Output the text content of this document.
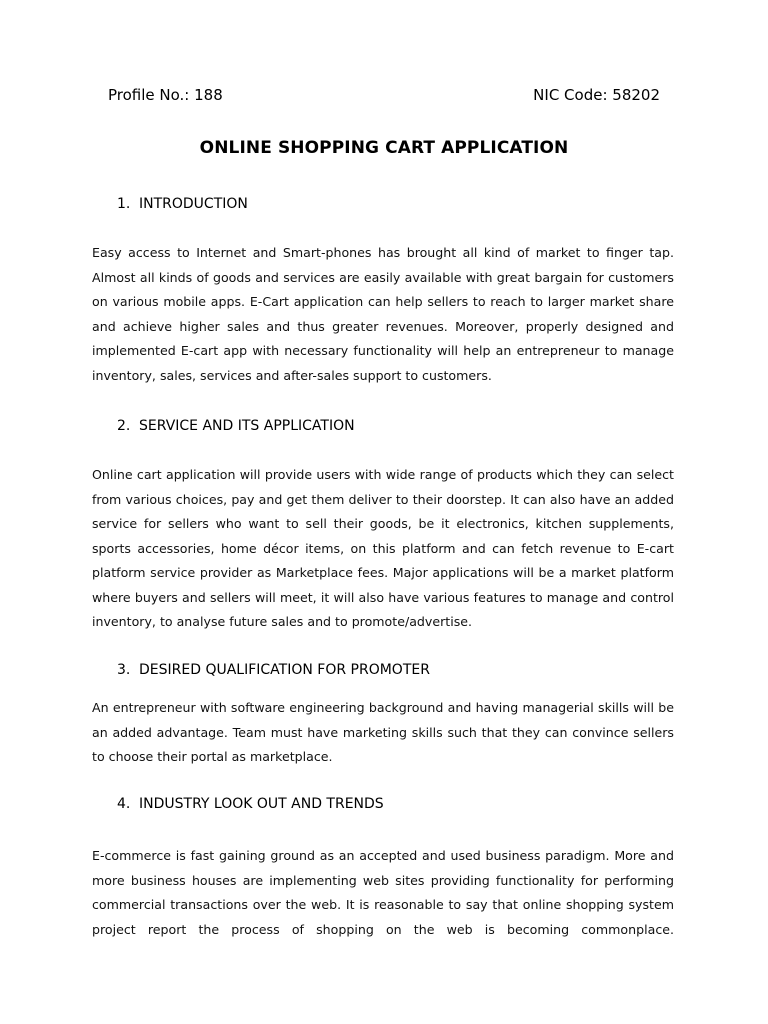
Profile No.: 188	NIC Code: 58202
ONLINE SHOPPING CART APPLICATION
1. INTRODUCTION
Easy access to Internet and Smart-phones has brought all kind of market to finger tap. Almost all kinds of goods and services are easily available with great bargain for customers on various mobile apps. E-Cart application can help sellers to reach to larger market share and achieve higher sales and thus greater revenues. Moreover, properly designed and implemented E-cart app with necessary functionality will help an entrepreneur to manage inventory, sales, services and after-sales support to customers.
2. SERVICE AND ITS APPLICATION
Online cart application will provide users with wide range of products which they can select from various choices, pay and get them deliver to their doorstep. It can also have an added service for sellers who want to sell their goods, be it electronics, kitchen supplements, sports accessories, home décor items, on this platform and can fetch revenue to E-cart platform service provider as Marketplace fees. Major applications will be a market platform where buyers and sellers will meet, it will also have various features to manage and control inventory, to analyse future sales and to promote/advertise.
3. DESIRED QUALIFICATION FOR PROMOTER
An entrepreneur with software engineering background and having managerial skills will be an added advantage. Team must have marketing skills such that they can convince sellers to choose their portal as marketplace.
4. INDUSTRY LOOK OUT AND TRENDS
E-commerce is fast gaining ground as an accepted and used business paradigm. More and more business houses are implementing web sites providing functionality for performing commercial transactions over the web. It is reasonable to say that online shopping system project report the process of shopping on the web is becoming commonplace.
